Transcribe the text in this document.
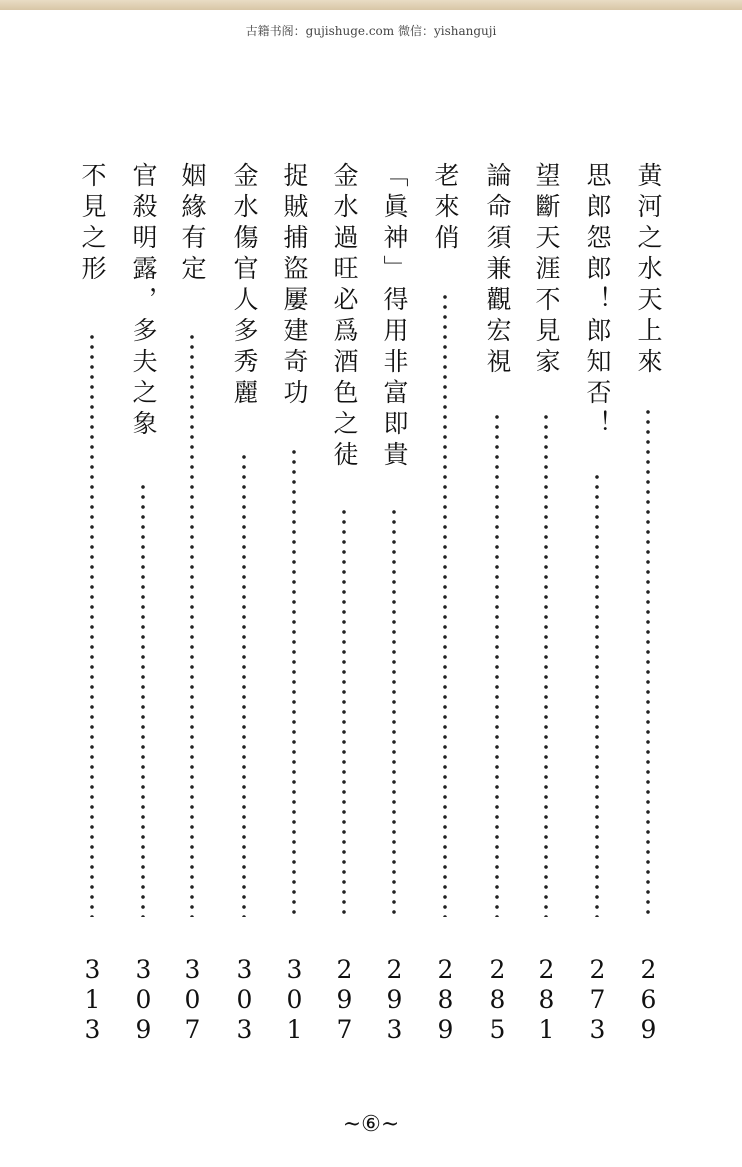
古籍书阁：gujishuge.com 微信：yishanguji
黄河之水天上來
269
思郎怨郎！郎知否！
273
望斷天涯不見家
281
論命須兼觀宏視
285
老來俏
289
「眞神」得用非富即貴
293
金水過旺必爲酒色之徒
297
捉賊捕盜屢建奇功
301
金水傷官人多秀麗
303
姻緣有定
307
官殺明露，多夫之象
309
不見之形
313
~⑥~
